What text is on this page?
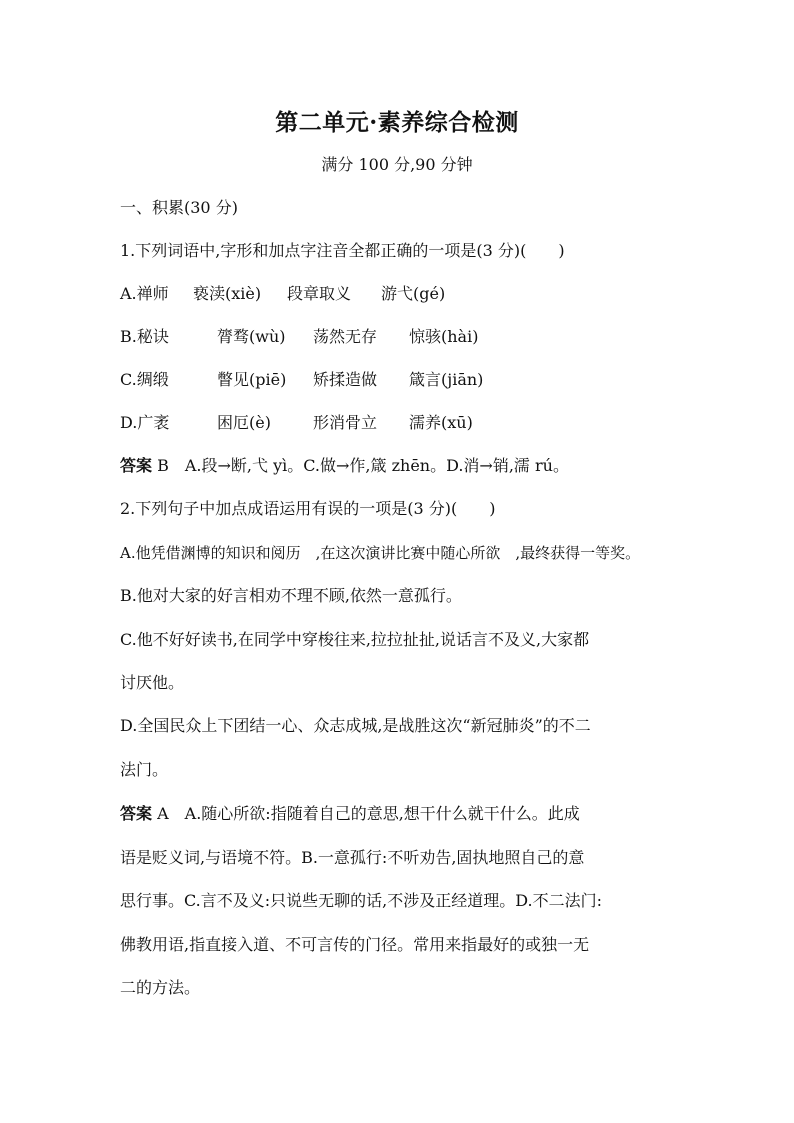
第二单元·素养综合检测
满分 100 分,90 分钟
一、积累(30 分)
1.下列词语中,字形和加点字注音全都正确的一项是(3 分)(　　)
A.禅师 亵渎(xiè) 段章取义 游弋(gé)
B.秘诀	膂骛(wù) 荡然无存 惊骇(hài)
C.绸缎	瞥见(piē) 矫揉造做 箴言(jiān)
D.广袤	困厄(è)	形消骨立 濡养(xū)
答案 B　A.段→断,弋 yì。C.做→作,箴 zhēn。D.消→销,濡 rú。
2.下列句子中加点成语运用有误的一项是(3 分)(　　)
A.他凭借渊博的知识和阅历　,在这次演讲比赛中随心所欲　,最终获得一等奖。
B.他对大家的好言相劝不理不顾,依然一意孤行。
C.他不好好读书,在同学中穿梭往来,拉拉扯扯,说话言不及义,大家都
讨厌他。
D.全国民众上下团结一心、众志成城,是战胜这次“新冠肺炎”的不二
法门。
答案 A　A.随心所欲:指随着自己的意思,想干什么就干什么。此成
语是贬义词,与语境不符。B.一意孤行:不听劝告,固执地照自己的意
思行事。C.言不及义:只说些无聊的话,不涉及正经道理。D.不二法门:
佛教用语,指直接入道、不可言传的门径。常用来指最好的或独一无
二的方法。
